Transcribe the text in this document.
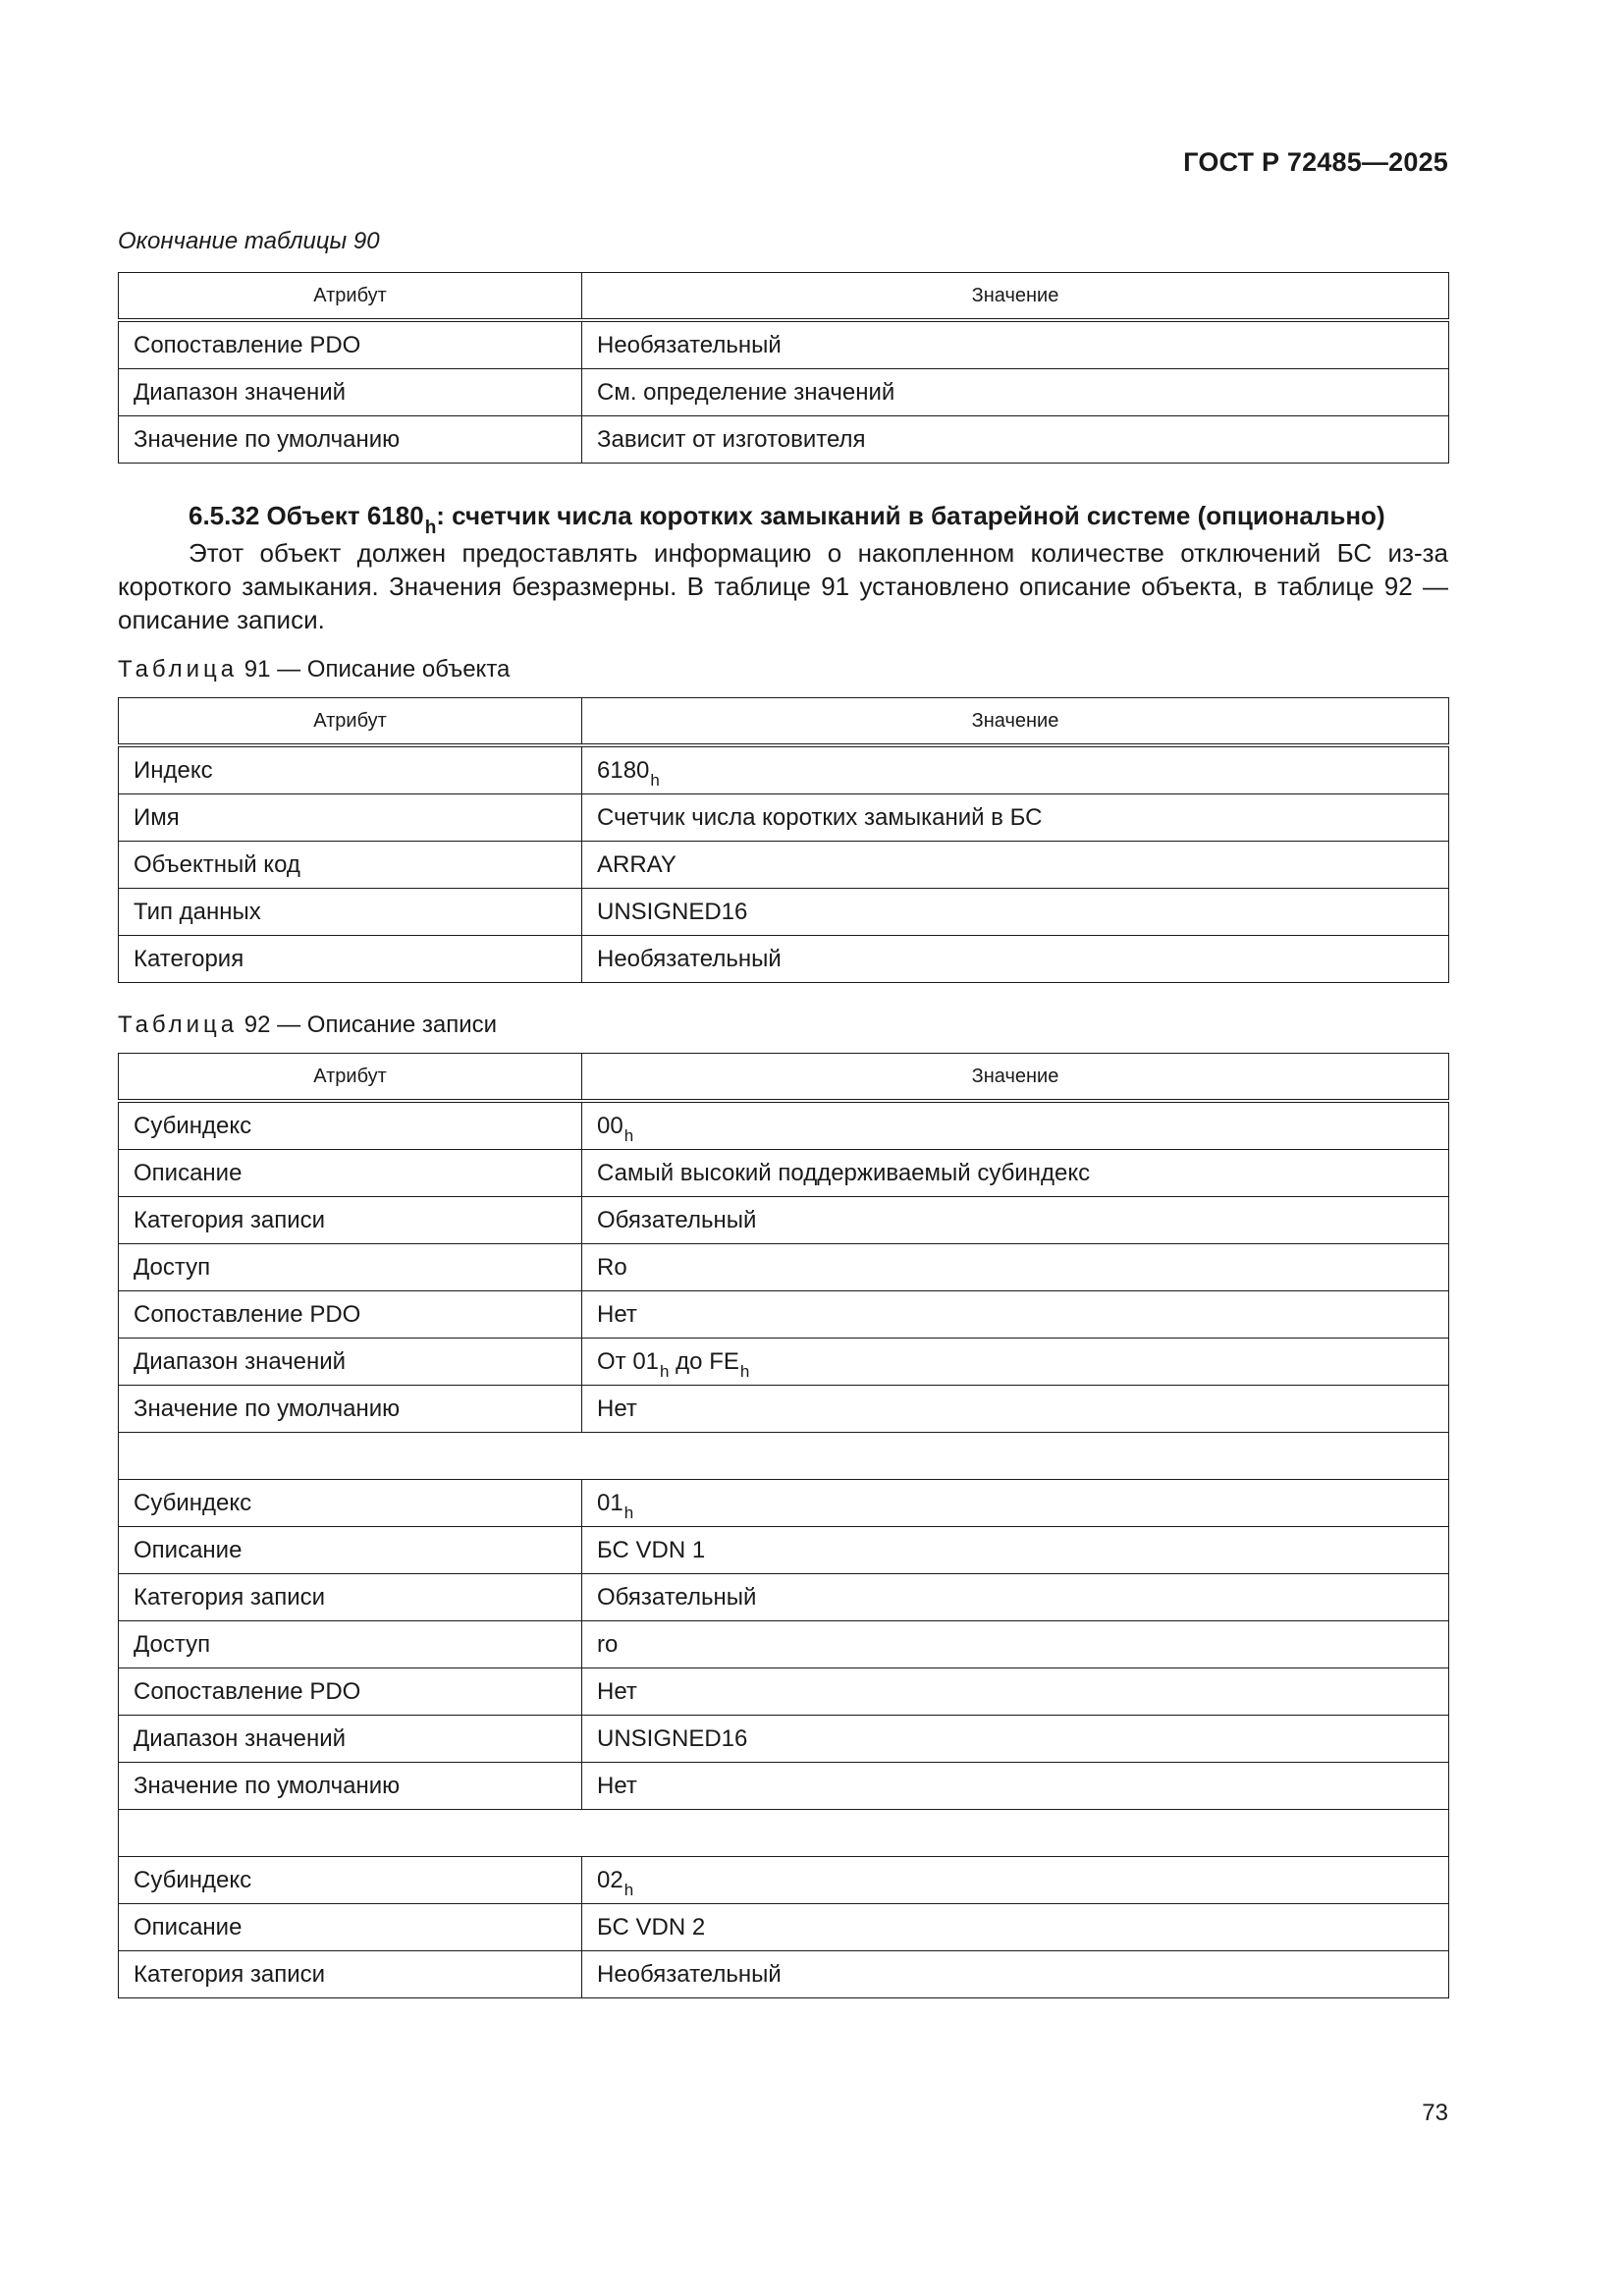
ГОСТ Р 72485—2025
Окончание таблицы 90
Атрибут	Значение
Сопоставление PDO	Необязательный
Диапазон значений	См. определение значений
Значение по умолчанию	Зависит от изготовителя
6.5.32 Объект $6180_h$: счетчик числа коротких замыканий в батарейной системе (опционально)

Этот объект должен предоставлять информацию о накопленном количестве отключений БС из-за короткого замыкания. Значения безразмерны. В таблице 91 установлено описание объекта, в таблице 92 — описание записи.

Таблица 91 — Описание объекта
Атрибут	Значение
Индекс	$6180_h$
Имя	Счетчик числа коротких замыканий в БС
Объектный код	ARRAY
Тип данных	UNSIGNED16
Категория	Необязательный
Таблица 92 — Описание записи
Атрибут	Значение
Субиндекс	$00_h$
Описание	Самый высокий поддерживаемый субиндекс
Категория записи	Обязательный
Доступ	Ro
Сопоставление PDO	Нет
Диапазон значений	От $01_h$ до $FE_h$
Значение по умолчанию	Нет

Субиндекс	$01_h$
Описание	БС VDN 1
Категория записи	Обязательный
Доступ	ro
Сопоставление PDO	Нет
Диапазон значений	UNSIGNED16
Значение по умолчанию	Нет

Субиндекс	$02_h$
Описание	БС VDN 2
Категория записи	Необязательный
73
